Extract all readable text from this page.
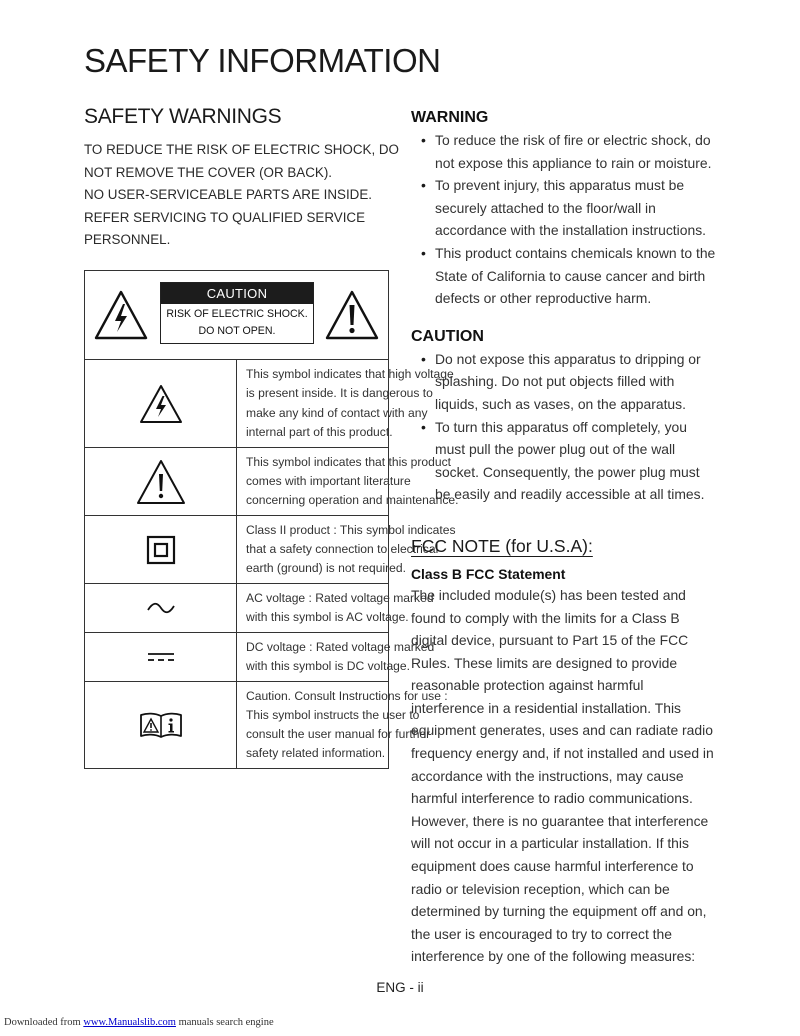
SAFETY INFORMATION
SAFETY WARNINGS
TO REDUCE THE RISK OF ELECTRIC SHOCK, DO
NOT REMOVE THE COVER (OR BACK).
NO USER-SERVICEABLE PARTS ARE INSIDE.
REFER SERVICING TO QUALIFIED SERVICE
PERSONNEL.
CAUTION
RISK OF ELECTRIC SHOCK.
DO NOT OPEN.	

This symbol indicates that high voltage
is present inside. It is dangerous to
make any kind of contact with any
internal part of this product.

This symbol indicates that this product
comes with important literature
concerning operation and maintenance.

Class II product : This symbol indicates
that a safety connection to electrical
earth (ground) is not required.

AC voltage : Rated voltage marked
with this symbol is AC voltage.

DC voltage : Rated voltage marked
with this symbol is DC voltage.

Caution. Consult Instructions for use :
This symbol instructs the user to
consult the user manual for further
safety related information.
WARNING
• To reduce the risk of fire or electric shock, do
not expose this appliance to rain or moisture.
• To prevent injury, this apparatus must be
securely attached to the floor/wall in
accordance with the installation instructions.
• This product contains chemicals known to the
State of California to cause cancer and birth
defects or other reproductive harm.
CAUTION
• Do not expose this apparatus to dripping or
splashing. Do not put objects filled with
liquids, such as vases, on the apparatus.
• To turn this apparatus off completely, you
must pull the power plug out of the wall
socket. Consequently, the power plug must
be easily and readily accessible at all times.
FCC NOTE (for U.S.A):
Class B FCC Statement
The included module(s) has been tested and
found to comply with the limits for a Class B
digital device, pursuant to Part 15 of the FCC
Rules. These limits are designed to provide
reasonable protection against harmful
interference in a residential installation. This
equipment generates, uses and can radiate radio
frequency energy and, if not installed and used in
accordance with the instructions, may cause
harmful interference to radio communications.
However, there is no guarantee that interference
will not occur in a particular installation. If this
equipment does cause harmful interference to
radio or television reception, which can be
determined by turning the equipment off and on,
the user is encouraged to try to correct the
interference by one of the following measures:
ENG - ii
Downloaded from www.Manualslib.com manuals search engine
